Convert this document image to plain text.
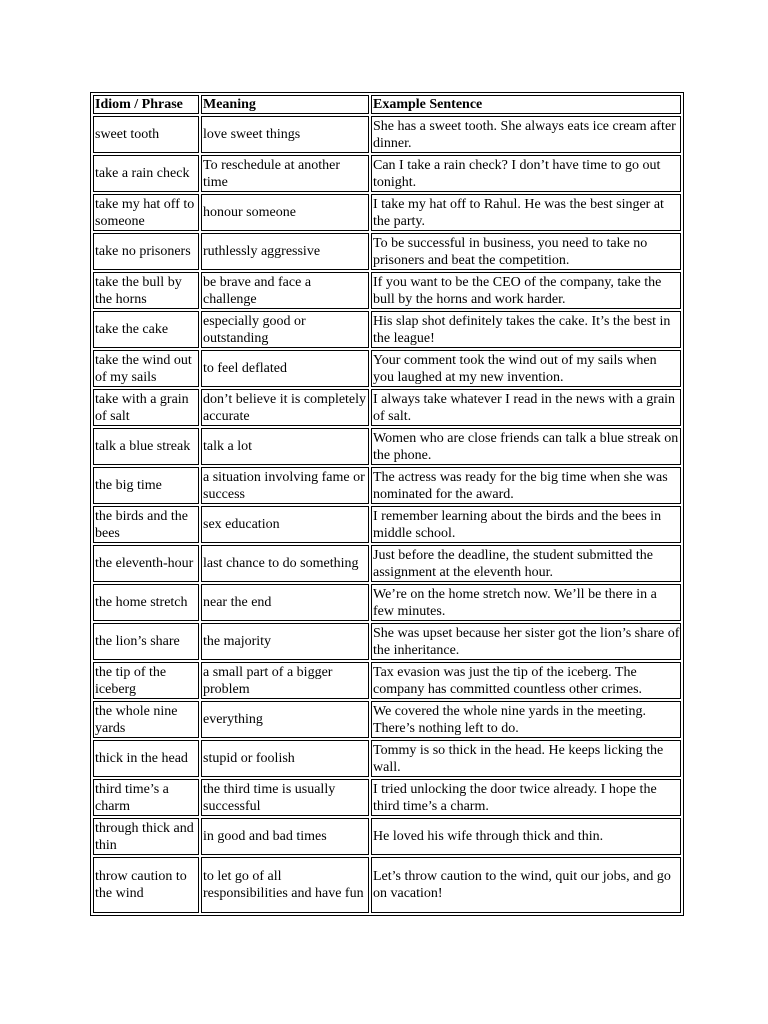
Idiom / Phrase	Meaning	Example Sentence
sweet tooth	love sweet things	She has a sweet tooth. She always eats ice cream after dinner.
take a rain check	To reschedule at another time	Can I take a rain check? I don’t have time to go out tonight.
take my hat off to someone	honour someone	I take my hat off to Rahul. He was the best singer at the party.
take no prisoners	ruthlessly aggressive	To be successful in business, you need to take no prisoners and beat the competition.
take the bull by the horns	be brave and face a challenge	If you want to be the CEO of the company, take the bull by the horns and work harder.
take the cake	especially good or outstanding	His slap shot definitely takes the cake. It’s the best in the league!
take the wind out of my sails	to feel deflated	Your comment took the wind out of my sails when you laughed at my new invention.
take with a grain of salt	don’t believe it is completely accurate	I always take whatever I read in the news with a grain of salt.
talk a blue streak	talk a lot	Women who are close friends can talk a blue streak on the phone.
the big time	a situation involving fame or success	The actress was ready for the big time when she was nominated for the award.
the birds and the bees	sex education	I remember learning about the birds and the bees in middle school.
the eleventh-hour	last chance to do something	Just before the deadline, the student submitted the assignment at the eleventh hour.
the home stretch	near the end	We’re on the home stretch now. We’ll be there in a few minutes.
the lion’s share	the majority	She was upset because her sister got the lion’s share of the inheritance.
the tip of the iceberg	a small part of a bigger problem	Tax evasion was just the tip of the iceberg. The company has committed countless other crimes.
the whole nine yards	everything	We covered the whole nine yards in the meeting. There’s nothing left to do.
thick in the head	stupid or foolish	Tommy is so thick in the head. He keeps licking the wall.
third time’s a charm	the third time is usually successful	I tried unlocking the door twice already. I hope the third time’s a charm.
through thick and thin	in good and bad times	He loved his wife through thick and thin.
throw caution to the wind	to let go of all responsibilities and have fun	Let’s throw caution to the wind, quit our jobs, and go on vacation!
